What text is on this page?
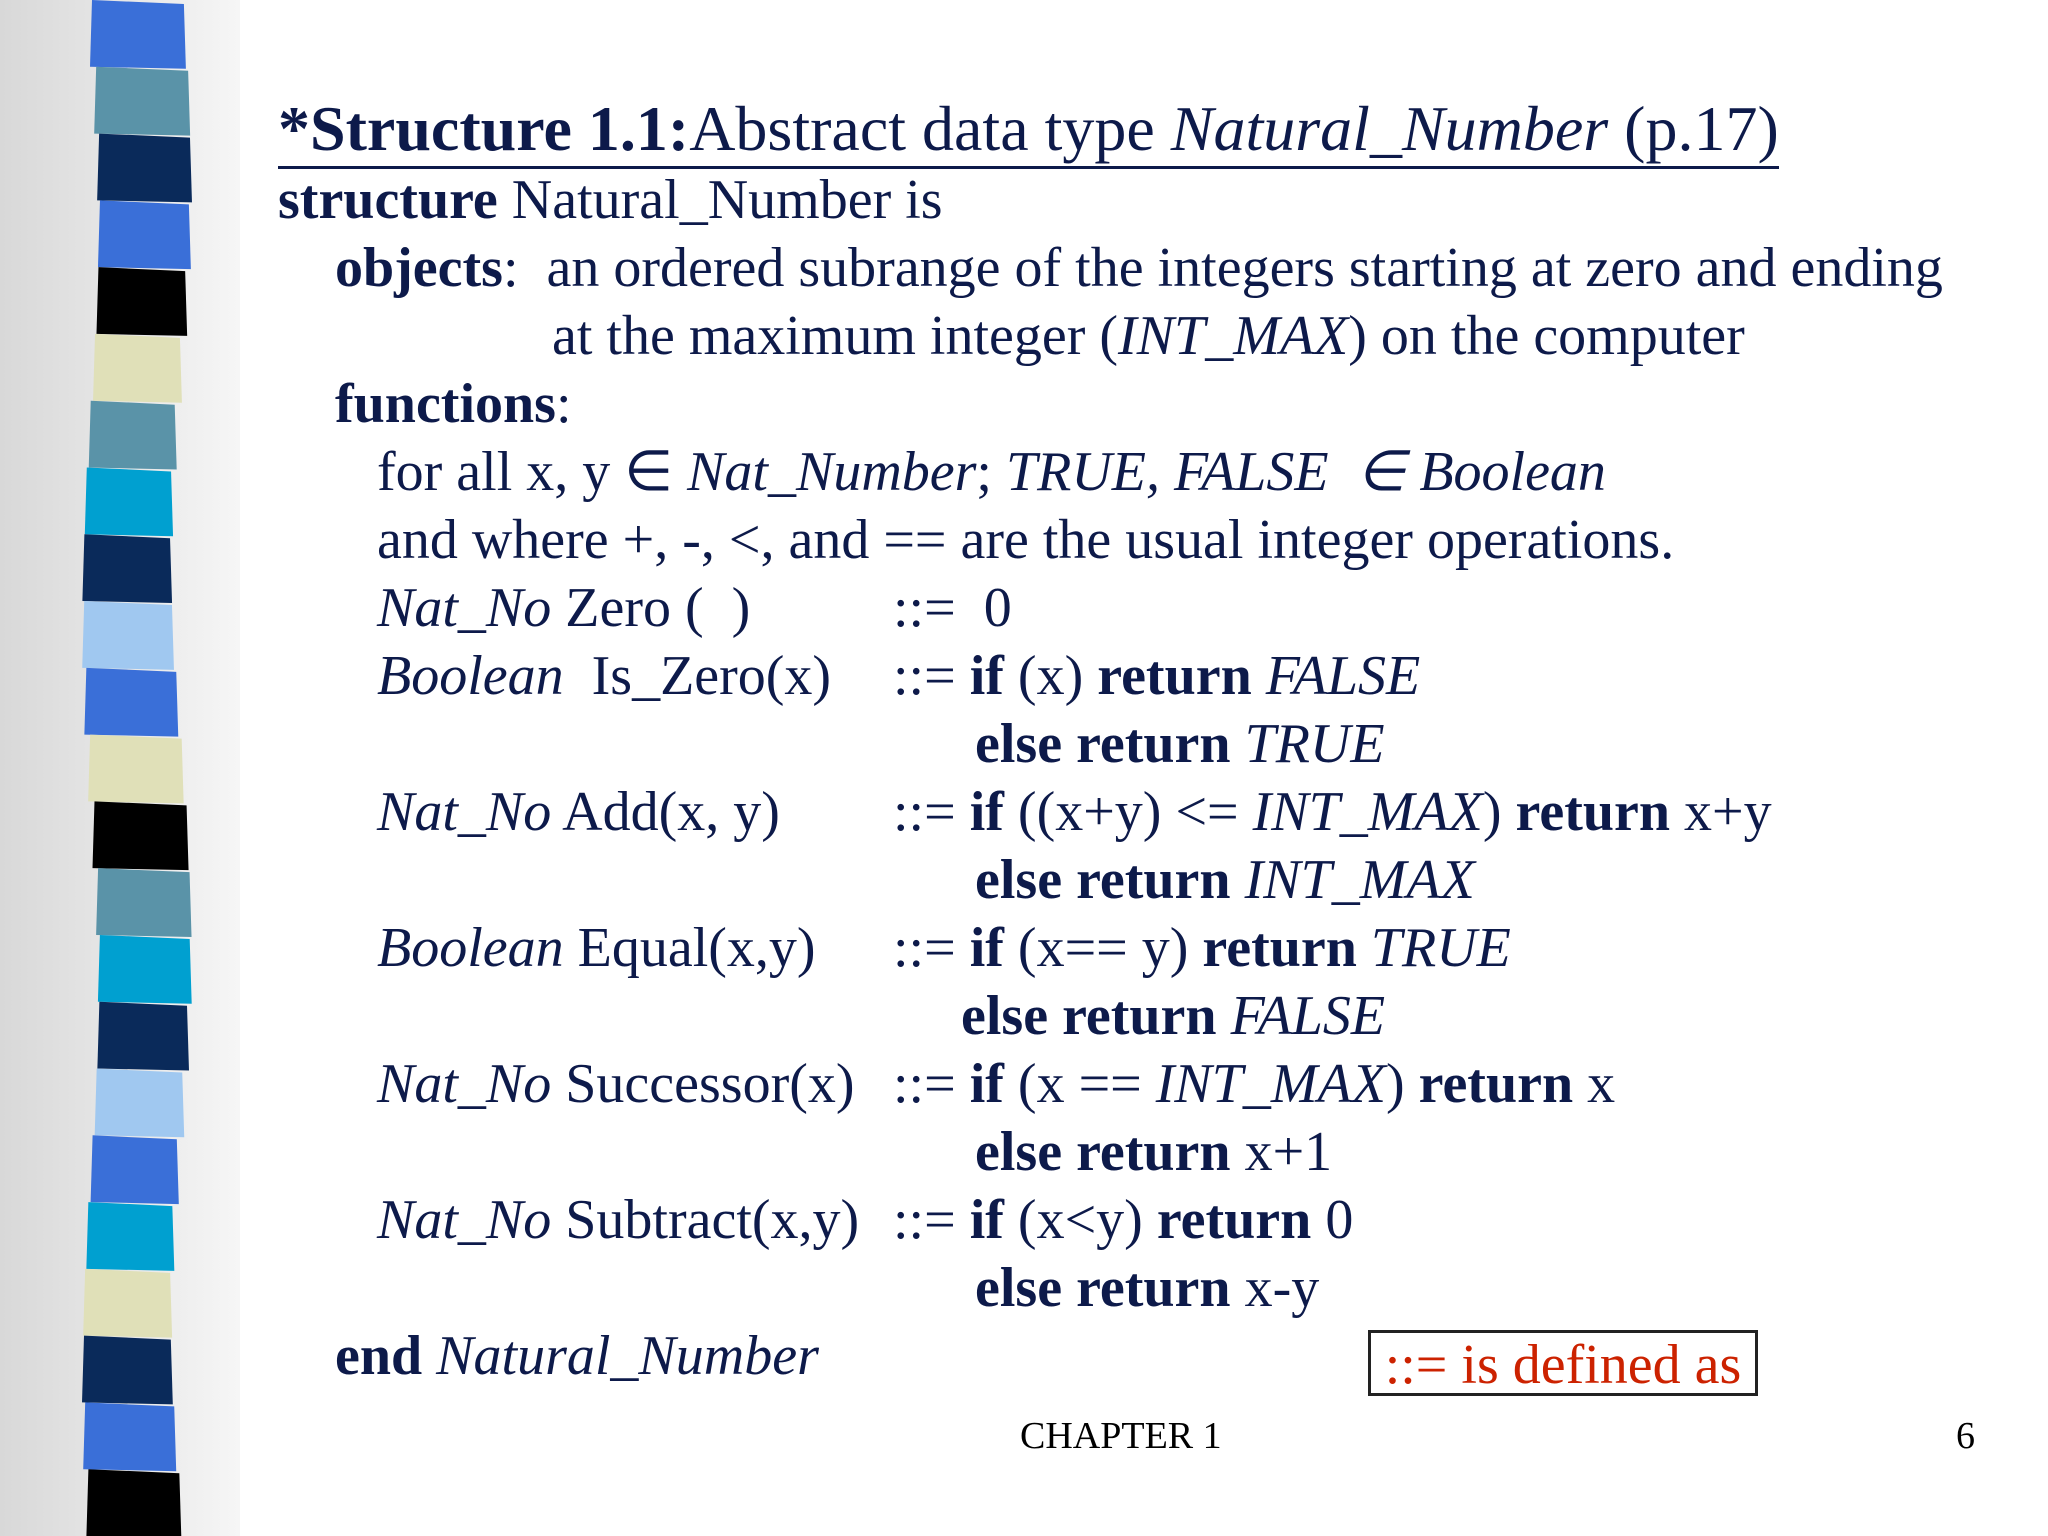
*Structure 1.1:Abstract data type Natural_Number (p.17)
structure Natural_Number is
objects:  an ordered subrange of the integers starting at zero and ending
at the maximum integer (INT_MAX) on the computer
functions:
for all x, y ∈ Nat_Number; TRUE, FALSE  ∈ Boolean
and where +, -, <, and == are the usual integer operations.
Nat_No Zero (  )
Boolean  Is_Zero(x)
Nat_No Add(x, y)
Boolean Equal(x,y)
Nat_No Successor(x)
Nat_No Subtract(x,y)
::=  0
::= if (x) return FALSE
else return TRUE
::= if ((x+y) <= INT_MAX) return x+y
else return INT_MAX
::= if (x== y) return TRUE
else return FALSE
::= if (x == INT_MAX) return x
else return x+1
::= if (x<y) return 0
else return x-y
end Natural_Number	::= is defined as
CHAPTER 1	6
